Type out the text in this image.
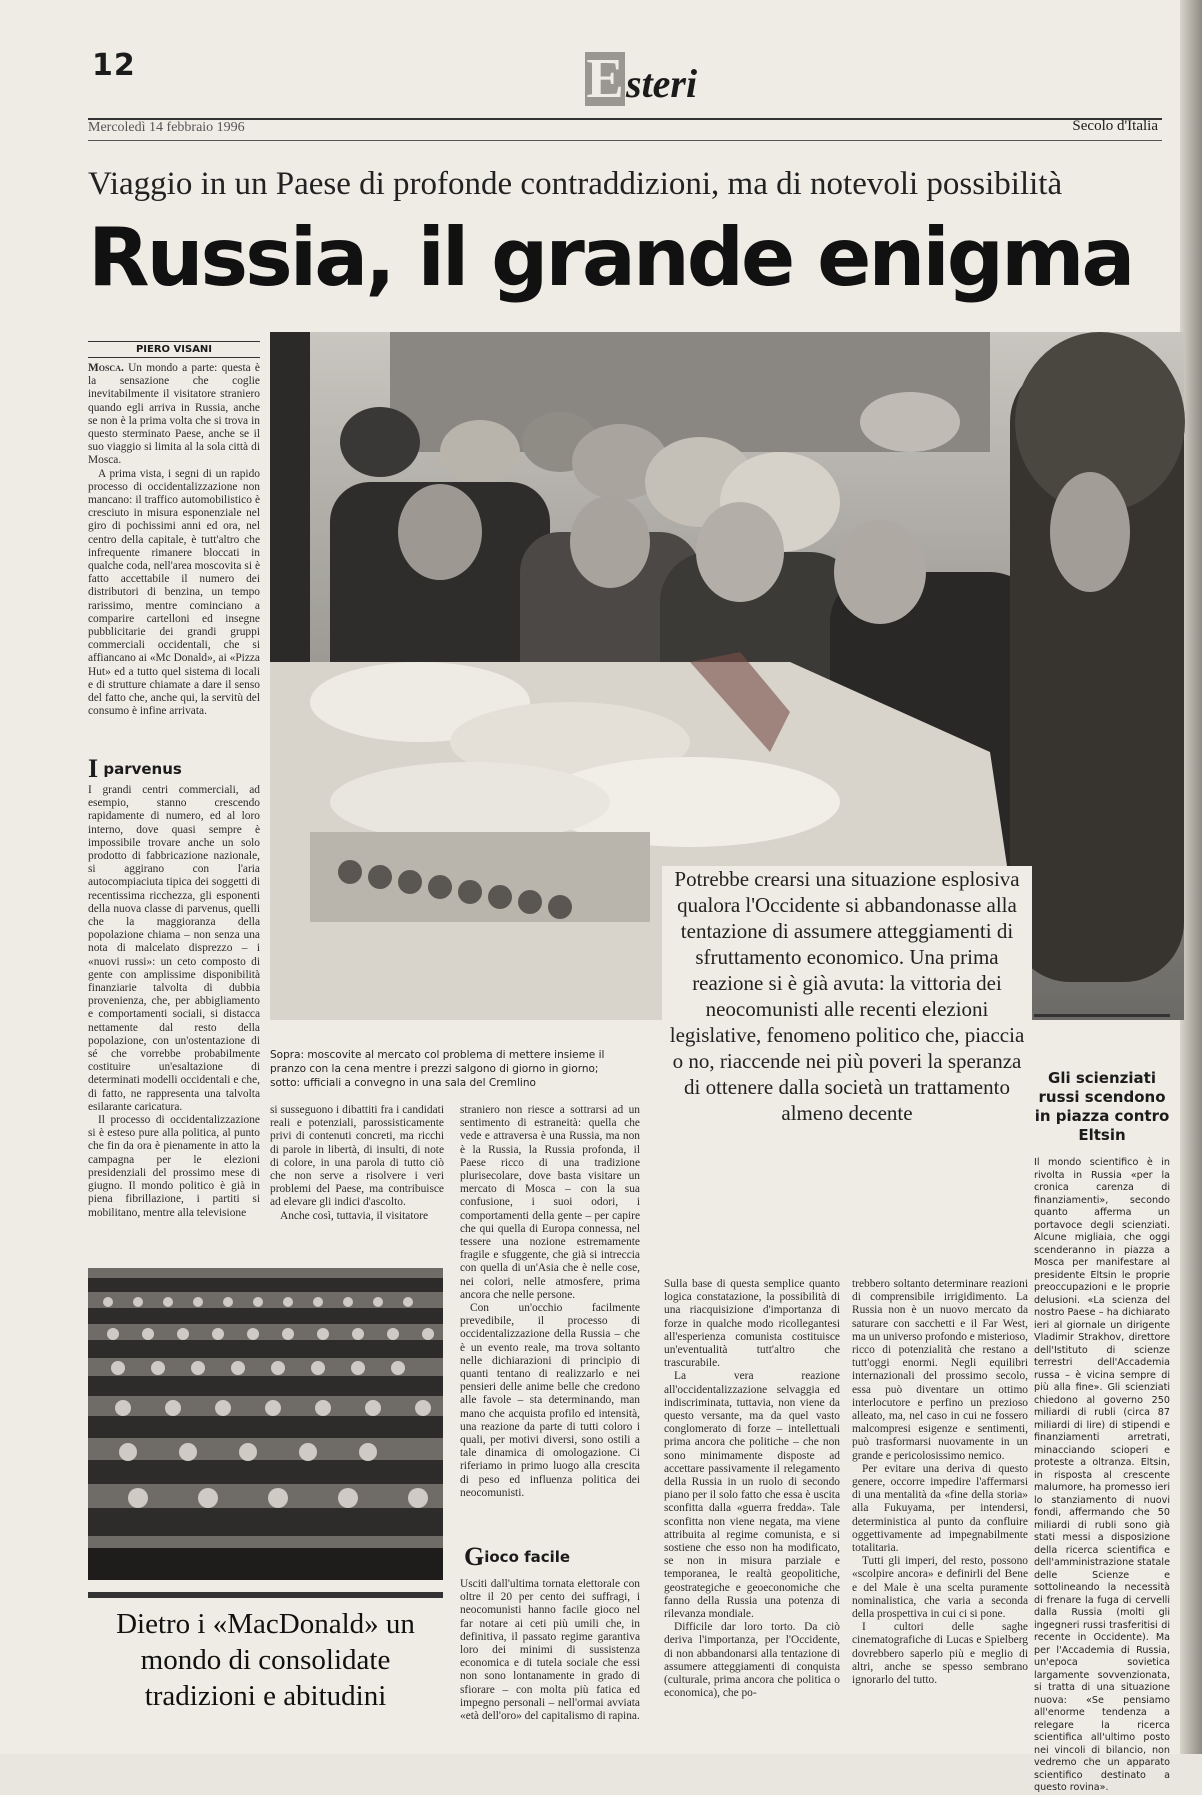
12	E steri
Mercoledì 14 febbraio 1996	Secolo d'Italia
Viaggio in un Paese di profonde contraddizioni, ma di notevoli possibilità
Russia, il grande enigma
PIERO VISANI

Mosca. Un mondo a parte: questa è la sensazione che coglie inevitabilmente il visitatore straniero quando egli arriva in Russia, anche se non è la prima volta che si trova in questo sterminato Paese, anche se il suo viaggio si limita al la sola città di Mosca.

A prima vista, i segni di un rapido processo di occidentalizzazione non mancano: il traffico automobilistico è cresciuto in misura esponenziale nel giro di pochissimi anni ed ora, nel centro della capitale, è tutt'altro che infrequente rimanere bloccati in qualche coda, nell'area moscovita si è fatto accettabile il numero dei distributori di benzina, un tempo rarissimo, mentre cominciano a comparire cartelloni ed insegne pubblicitarie dei grandi gruppi commerciali occidentali, che si affiancano ai «Mc Donald», ai «Pizza Hut» ed a tutto quel sistema di locali e di strutture chiamate a dare il senso del fatto che, anche qui, la servitù del consumo è infine arrivata.

I parvenus

I grandi centri commerciali, ad esempio, stanno crescendo rapidamente di numero, ed al loro interno, dove quasi sempre è impossibile trovare anche un solo prodotto di fabbricazione nazionale, si aggirano con l'aria autocompiaciuta tipica dei soggetti di recentissima ricchezza, gli esponenti della nuova classe di parvenus, quelli che la maggioranza della popolazione chiama – non senza una nota di malcelato disprezzo – i «nuovi russi»: un ceto composto di gente con amplissime disponibilità finanziarie talvolta di dubbia provenienza, che, per abbigliamento e comportamenti sociali, si distacca nettamente dal resto della popolazione, con un'ostentazione di sé che vorrebbe probabilmente costituire un'esaltazione di determinati modelli occidentali e che, di fatto, ne rappresenta una talvolta esilarante caricatura.

Il processo di occidentalizzazione si è esteso pure alla politica, al punto che fin da ora è pienamente in atto la campagna per le elezioni presidenziali del prossimo mese di giugno. Il mondo politico è già in piena fibrillazione, i partiti si mobilitano, mentre alla televisione

Sopra: moscovite al mercato col problema di mettere insieme il pranzo con la cena mentre i prezzi salgono di giorno in giorno; sotto: ufficiali a convegno in una sala del Cremlino
Potrebbe crearsi una situazione esplosiva qualora l'Occidente si abbandonasse alla tentazione di assumere atteggiamenti di sfruttamento economico. Una prima reazione si è già avuta: la vittoria dei neocomunisti alle recenti elezioni legislative, fenomeno politico che, piaccia o no, riaccende nei più poveri la speranza di ottenere dalla società un trattamento almeno decente

si susseguono i dibattiti fra i candidati reali e potenziali, parossisticamente privi di contenuti concreti, ma ricchi di parole in libertà, di insulti, di note di colore, in una parola di tutto ciò che non serve a risolvere i veri problemi del Paese, ma contribuisce ad elevare gli indici d'ascolto.

Anche così, tuttavia, il visitatore

straniero non riesce a sottrarsi ad un sentimento di estraneità: quella che vede e attraversa è una Russia, ma non è la Russia, la Russia profonda, il Paese ricco di una tradizione plurisecolare, dove basta visitare un mercato di Mosca – con la sua confusione, i suoi odori, i comportamenti della gente – per capire che qui quella di Europa connessa, nel tessere una nozione estremamente fragile e sfuggente, che già si intreccia con quella di un'Asia che è nelle cose, nei colori, nelle atmosfere, prima ancora che nelle persone.

Con un'occhio facilmente prevedibile, il processo di occidentalizzazione della Russia – che è un evento reale, ma trova soltanto nelle dichiarazioni di principio di quanti tentano di realizzarlo e nei pensieri delle anime belle che credono alle favole – sta determinando, man mano che acquista profilo ed intensità, una reazione da parte di tutti coloro i quali, per motivi diversi, sono ostili a tale dinamica di omologazione. Ci riferiamo in primo luogo alla crescita di peso ed influenza politica dei neocomunisti.

Gioco facile

Usciti dall'ultima tornata elettorale con oltre il 20 per cento dei suffragi, i neocomunisti hanno facile gioco nel far notare ai ceti più umili che, in definitiva, il passato regime garantiva loro dei minimi di sussistenza economica e di tutela sociale che essi non sono lontanamente in grado di sfiorare – con molta più fatica ed impegno personali – nell'ormai avviata «età dell'oro» del capitalismo di rapina.

Sulla base di questa semplice quanto logica constatazione, la possibilità di una riacquisizione d'importanza di forze in qualche modo ricollegantesi all'esperienza comunista costituisce un'eventualità tutt'altro che trascurabile.

La vera reazione all'occidentalizzazione selvaggia ed indiscriminata, tuttavia, non viene da questo versante, ma da quel vasto conglomerato di forze – intellettuali prima ancora che politiche – che non sono minimamente disposte ad accettare passivamente il relegamento della Russia in un ruolo di secondo piano per il solo fatto che essa è uscita sconfitta dalla «guerra fredda». Tale sconfitta non viene negata, ma viene attribuita al regime comunista, e si sostiene che esso non ha modificato, se non in misura parziale e temporanea, le realtà geopolitiche, geostrategiche e geoeconomiche che fanno della Russia una potenza di rilevanza mondiale.

Difficile dar loro torto. Da ciò deriva l'importanza, per l'Occidente, di non abbandonarsi alla tentazione di assumere atteggiamenti di conquista (culturale, prima ancora che politica o economica), che po-

trebbero soltanto determinare reazioni di comprensibile irrigidimento. La Russia non è un nuovo mercato da saturare con sacchetti e il Far West, ma un universo profondo e misterioso, ricco di potenzialità che restano a tutt'oggi enormi. Negli equilibri internazionali del prossimo secolo, essa può diventare un ottimo interlocutore e perfino un prezioso alleato, ma, nel caso in cui ne fossero malcompresi esigenze e sentimenti, può trasformarsi nuovamente in un grande e pericolosissimo nemico.

Per evitare una deriva di questo genere, occorre impedire l'affermarsi di una mentalità da «fine della storia» alla Fukuyama, per intendersi, deterministica al punto da confluire oggettivamente ad impegnabilmente totalitaria.

Tutti gli imperi, del resto, possono «scolpire ancora» e definirli del Bene e del Male è una scelta puramente nominalistica, che varia a seconda della prospettiva in cui ci si pone.

I cultori delle saghe cinematografiche di Lucas e Spielberg dovrebbero saperlo più e meglio di altri, anche se spesso sembrano ignorarlo del tutto.

Gli scienziati russi scendono in piazza contro Eltsin
Il mondo scientifico è in rivolta in Russia «per la cronica carenza di finanziamenti», secondo quanto afferma un portavoce degli scienziati. Alcune migliaia, che oggi scenderanno in piazza a Mosca per manifestare al presidente Eltsin le proprie preoccupazioni e le proprie delusioni. «La scienza del nostro Paese – ha dichiarato ieri al giornale un dirigente Vladimir Strakhov, direttore dell'Istituto di scienze terrestri dell'Accademia russa – è vicina sempre di più alla fine». Gli scienziati chiedono al governo 250 miliardi di rubli (circa 87 miliardi di lire) di stipendi e finanziamenti arretrati, minacciando scioperi e proteste a oltranza. Eltsin, in risposta al crescente malumore, ha promesso ieri lo stanziamento di nuovi fondi, affermando che 50 miliardi di rubli sono già stati messi a disposizione della ricerca scientifica e dell'amministrazione statale delle Scienze e sottolineando la necessità di frenare la fuga di cervelli dalla Russia (molti gli ingegneri russi trasferitisi di recente in Occidente). Ma per l'Accademia di Russia, un'epoca sovietica largamente sovvenzionata, si tratta di una situazione nuova: «Se pensiamo all'enorme tendenza a relegare la ricerca scientifica all'ultimo posto nei vincoli di bilancio, non vedremo che un apparato scientifico destinato a questo rovina».
Dietro i «MacDonald» un mondo di consolidate tradizioni e abitudini
